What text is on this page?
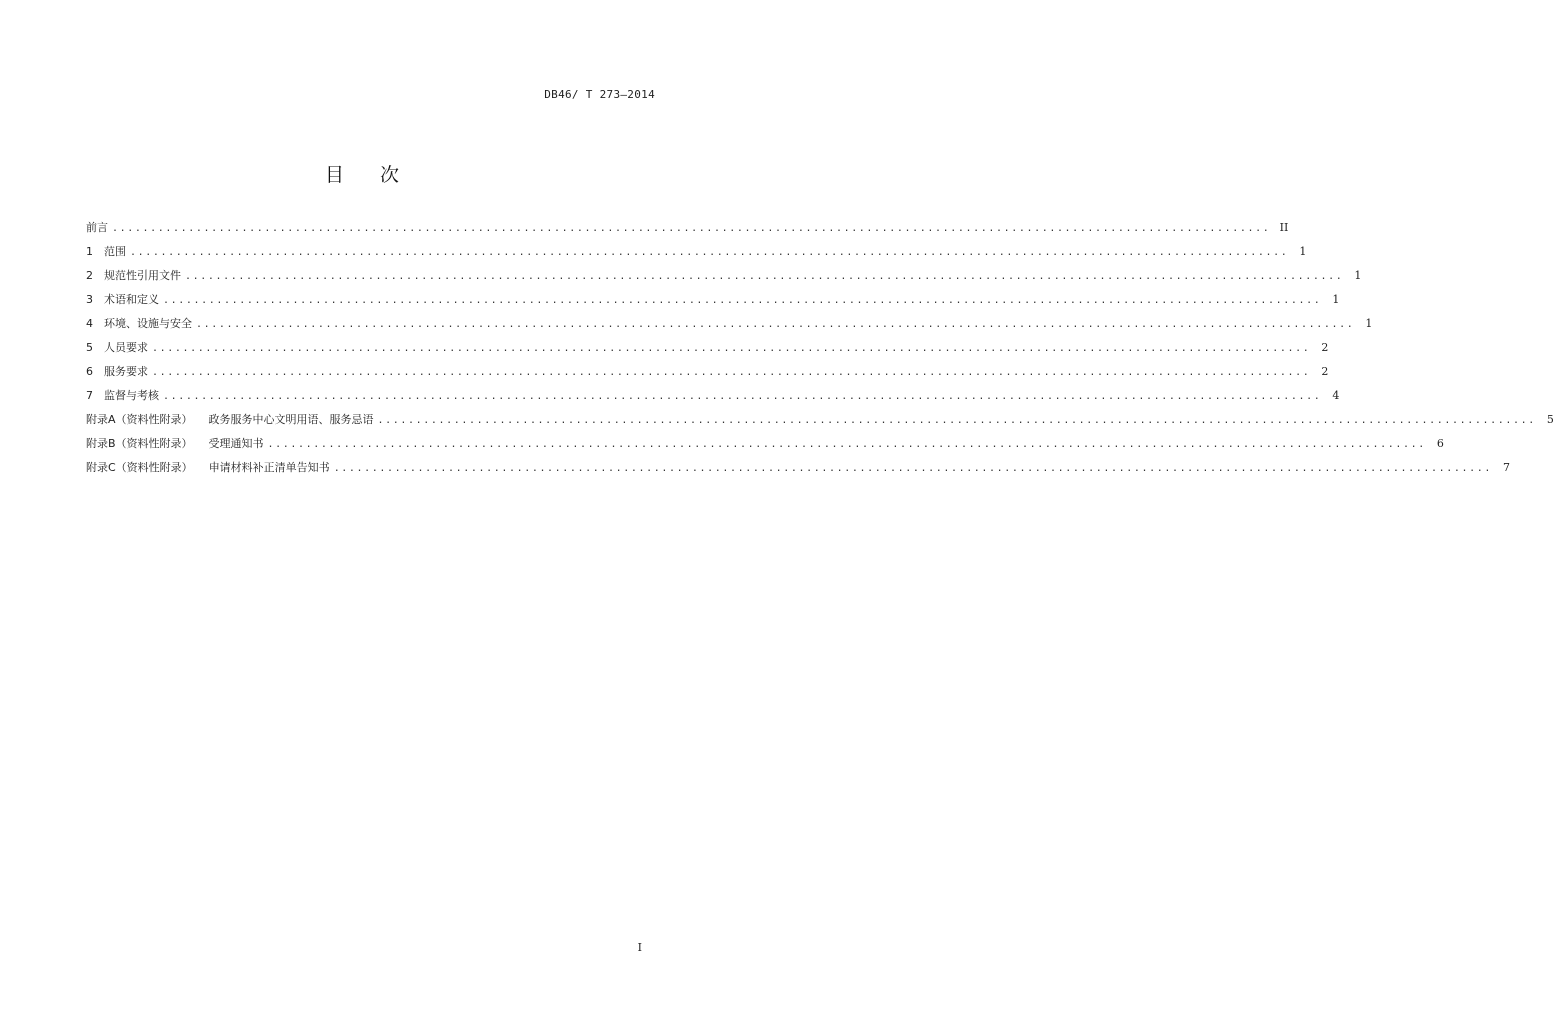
DB46/ T 273—2014
目 次
前言 ........................................................................................................................................................ II
1	范围 ........................................................................................................................................................	1
2	规范性引用文件 ........................................................................................................................................................	1
3	术语和定义 ........................................................................................................................................................	1
4	环境、设施与安全 ........................................................................................................................................................	1
5	人员要求 ........................................................................................................................................................	2
6	服务要求 ........................................................................................................................................................	2
7	监督与考核 ........................................................................................................................................................	4
附录A（资料性附录） 政务服务中心文明用语、服务忌语 ........................................................................................................................................................	5
附录B（资料性附录） 受理通知书 ........................................................................................................................................................	6
附录C（资料性附录） 申请材料补正清单告知书 ........................................................................................................................................................	7
I
